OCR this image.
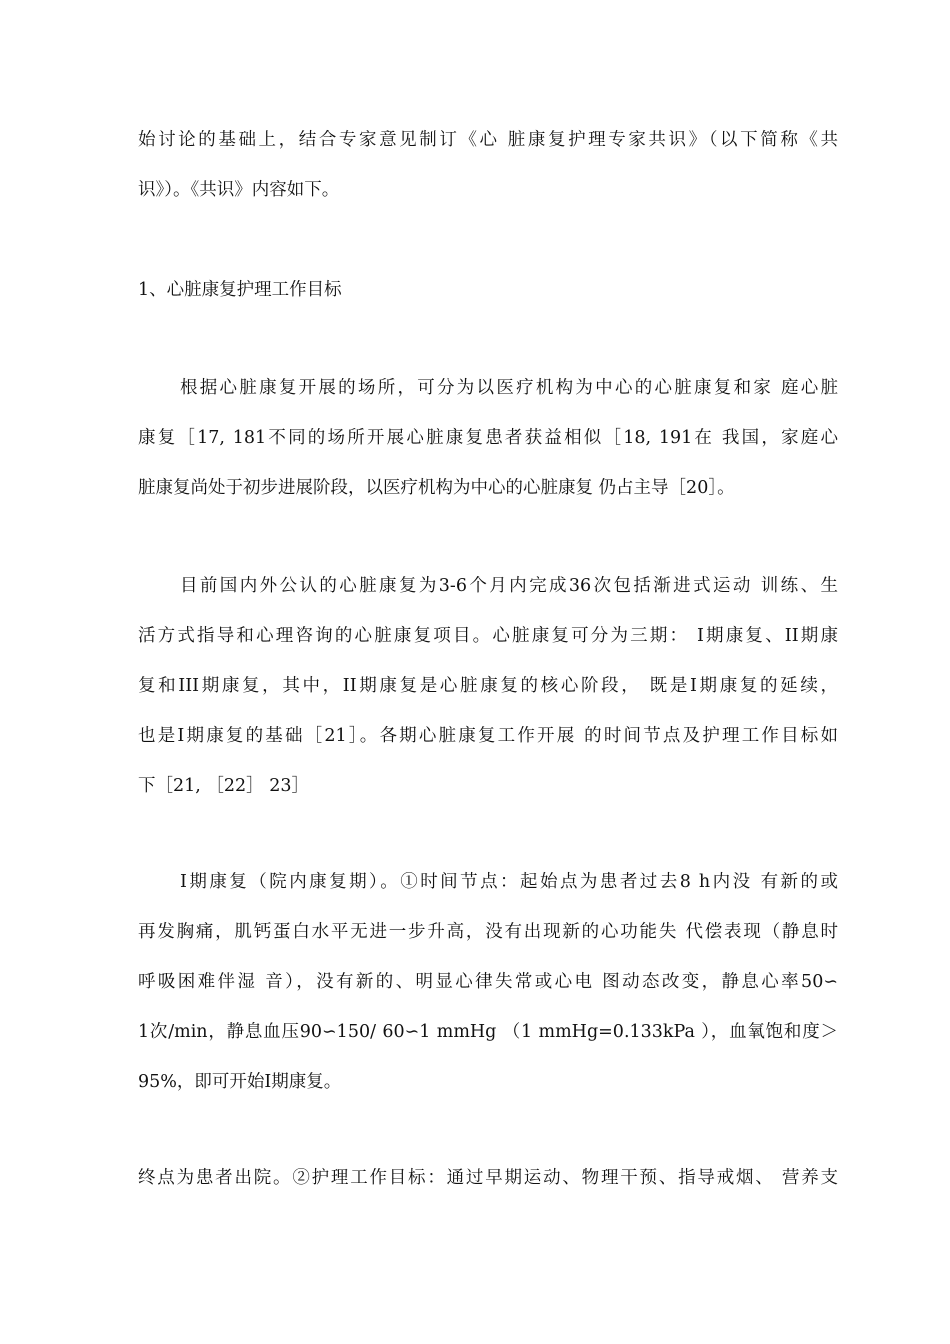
始讨论的基础上，结合专家意见制订《心 脏康复护理专家共识》（以下简称《共
识》）。《共识》内容如下。
1、心脏康复护理工作目标
根据心脏康复开展的场所，可分为以医疗机构为中心的心脏康复和家 庭心脏
康复［17, 181不同的场所开展心脏康复患者获益相似［18, 191在 我国，家庭心
脏康复尚处于初步进展阶段，以医疗机构为中心的心脏康复 仍占主导［20］。
目前国内外公认的心脏康复为3-6个月内完成36次包括渐进式运动 训练、生
活方式指导和心理咨询的心脏康复项目。心脏康复可分为三期： I期康复、II期康
复和III期康复，其中，II期康复是心脏康复的核心阶段， 既是I期康复的延续，
也是I期康复的基础［21］。各期心脏康复工作开展 的时间节点及护理工作目标如
下［21, ［22］ 23］
I期康复（院内康复期）。①时间节点：起始点为患者过去8 h内没 有新的或
再发胸痛，肌钙蛋白水平无进一步升高，没有出现新的心功能失 代偿表现（静息时
呼吸困难伴湿 音），没有新的、明显心律失常或心电 图动态改变，静息心率50∽
1次/min，静息血压90∽150/ 60∽1 mmHg （1 mmHg=0.133kPa ），血氧饱和度＞
95%，即可开始I期康复。
终点为患者出院。②护理工作目标：通过早期运动、物理干预、指导戒烟、 营养支
